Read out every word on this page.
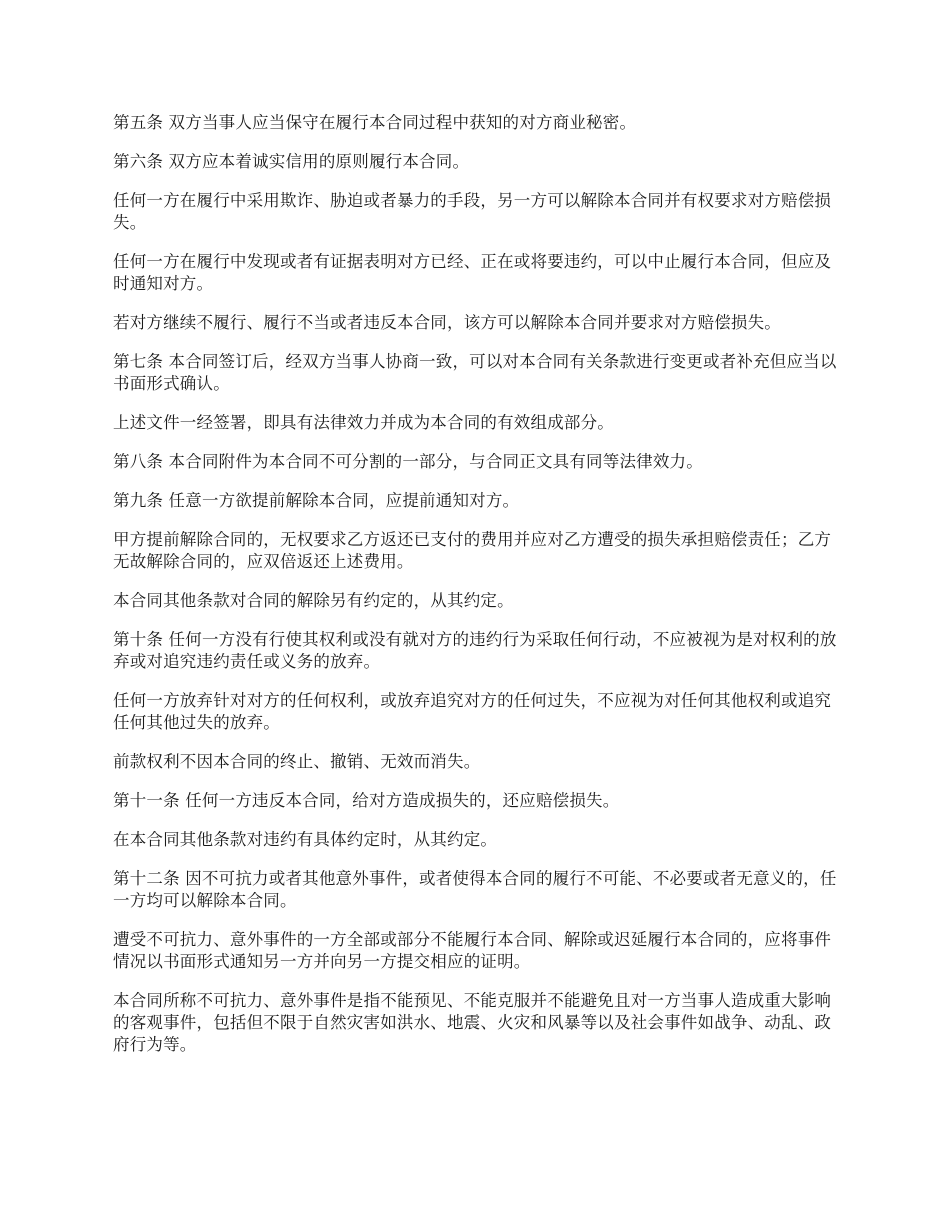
第五条 双方当事人应当保守在履行本合同过程中获知的对方商业秘密。

第六条 双方应本着诚实信用的原则履行本合同。

任何一方在履行中采用欺诈、胁迫或者暴力的手段，另一方可以解除本合同并有权要求对方赔偿损失。

任何一方在履行中发现或者有证据表明对方已经、正在或将要违约，可以中止履行本合同，但应及时通知对方。

若对方继续不履行、履行不当或者违反本合同，该方可以解除本合同并要求对方赔偿损失。

第七条 本合同签订后，经双方当事人协商一致，可以对本合同有关条款进行变更或者补充但应当以书面形式确认。

上述文件一经签署，即具有法律效力并成为本合同的有效组成部分。

第八条 本合同附件为本合同不可分割的一部分，与合同正文具有同等法律效力。

第九条 任意一方欲提前解除本合同，应提前通知对方。

甲方提前解除合同的，无权要求乙方返还已支付的费用并应对乙方遭受的损失承担赔偿责任；乙方无故解除合同的，应双倍返还上述费用。

本合同其他条款对合同的解除另有约定的，从其约定。

第十条 任何一方没有行使其权利或没有就对方的违约行为采取任何行动，不应被视为是对权利的放弃或对追究违约责任或义务的放弃。

任何一方放弃针对对方的任何权利，或放弃追究对方的任何过失，不应视为对任何其他权利或追究任何其他过失的放弃。

前款权利不因本合同的终止、撤销、无效而消失。

第十一条 任何一方违反本合同，给对方造成损失的，还应赔偿损失。

在本合同其他条款对违约有具体约定时，从其约定。

第十二条 因不可抗力或者其他意外事件，或者使得本合同的履行不可能、不必要或者无意义的，任一方均可以解除本合同。

遭受不可抗力、意外事件的一方全部或部分不能履行本合同、解除或迟延履行本合同的，应将事件情况以书面形式通知另一方并向另一方提交相应的证明。

本合同所称不可抗力、意外事件是指不能预见、不能克服并不能避免且对一方当事人造成重大影响的客观事件，包括但不限于自然灾害如洪水、地震、火灾和风暴等以及社会事件如战争、动乱、政府行为等。
